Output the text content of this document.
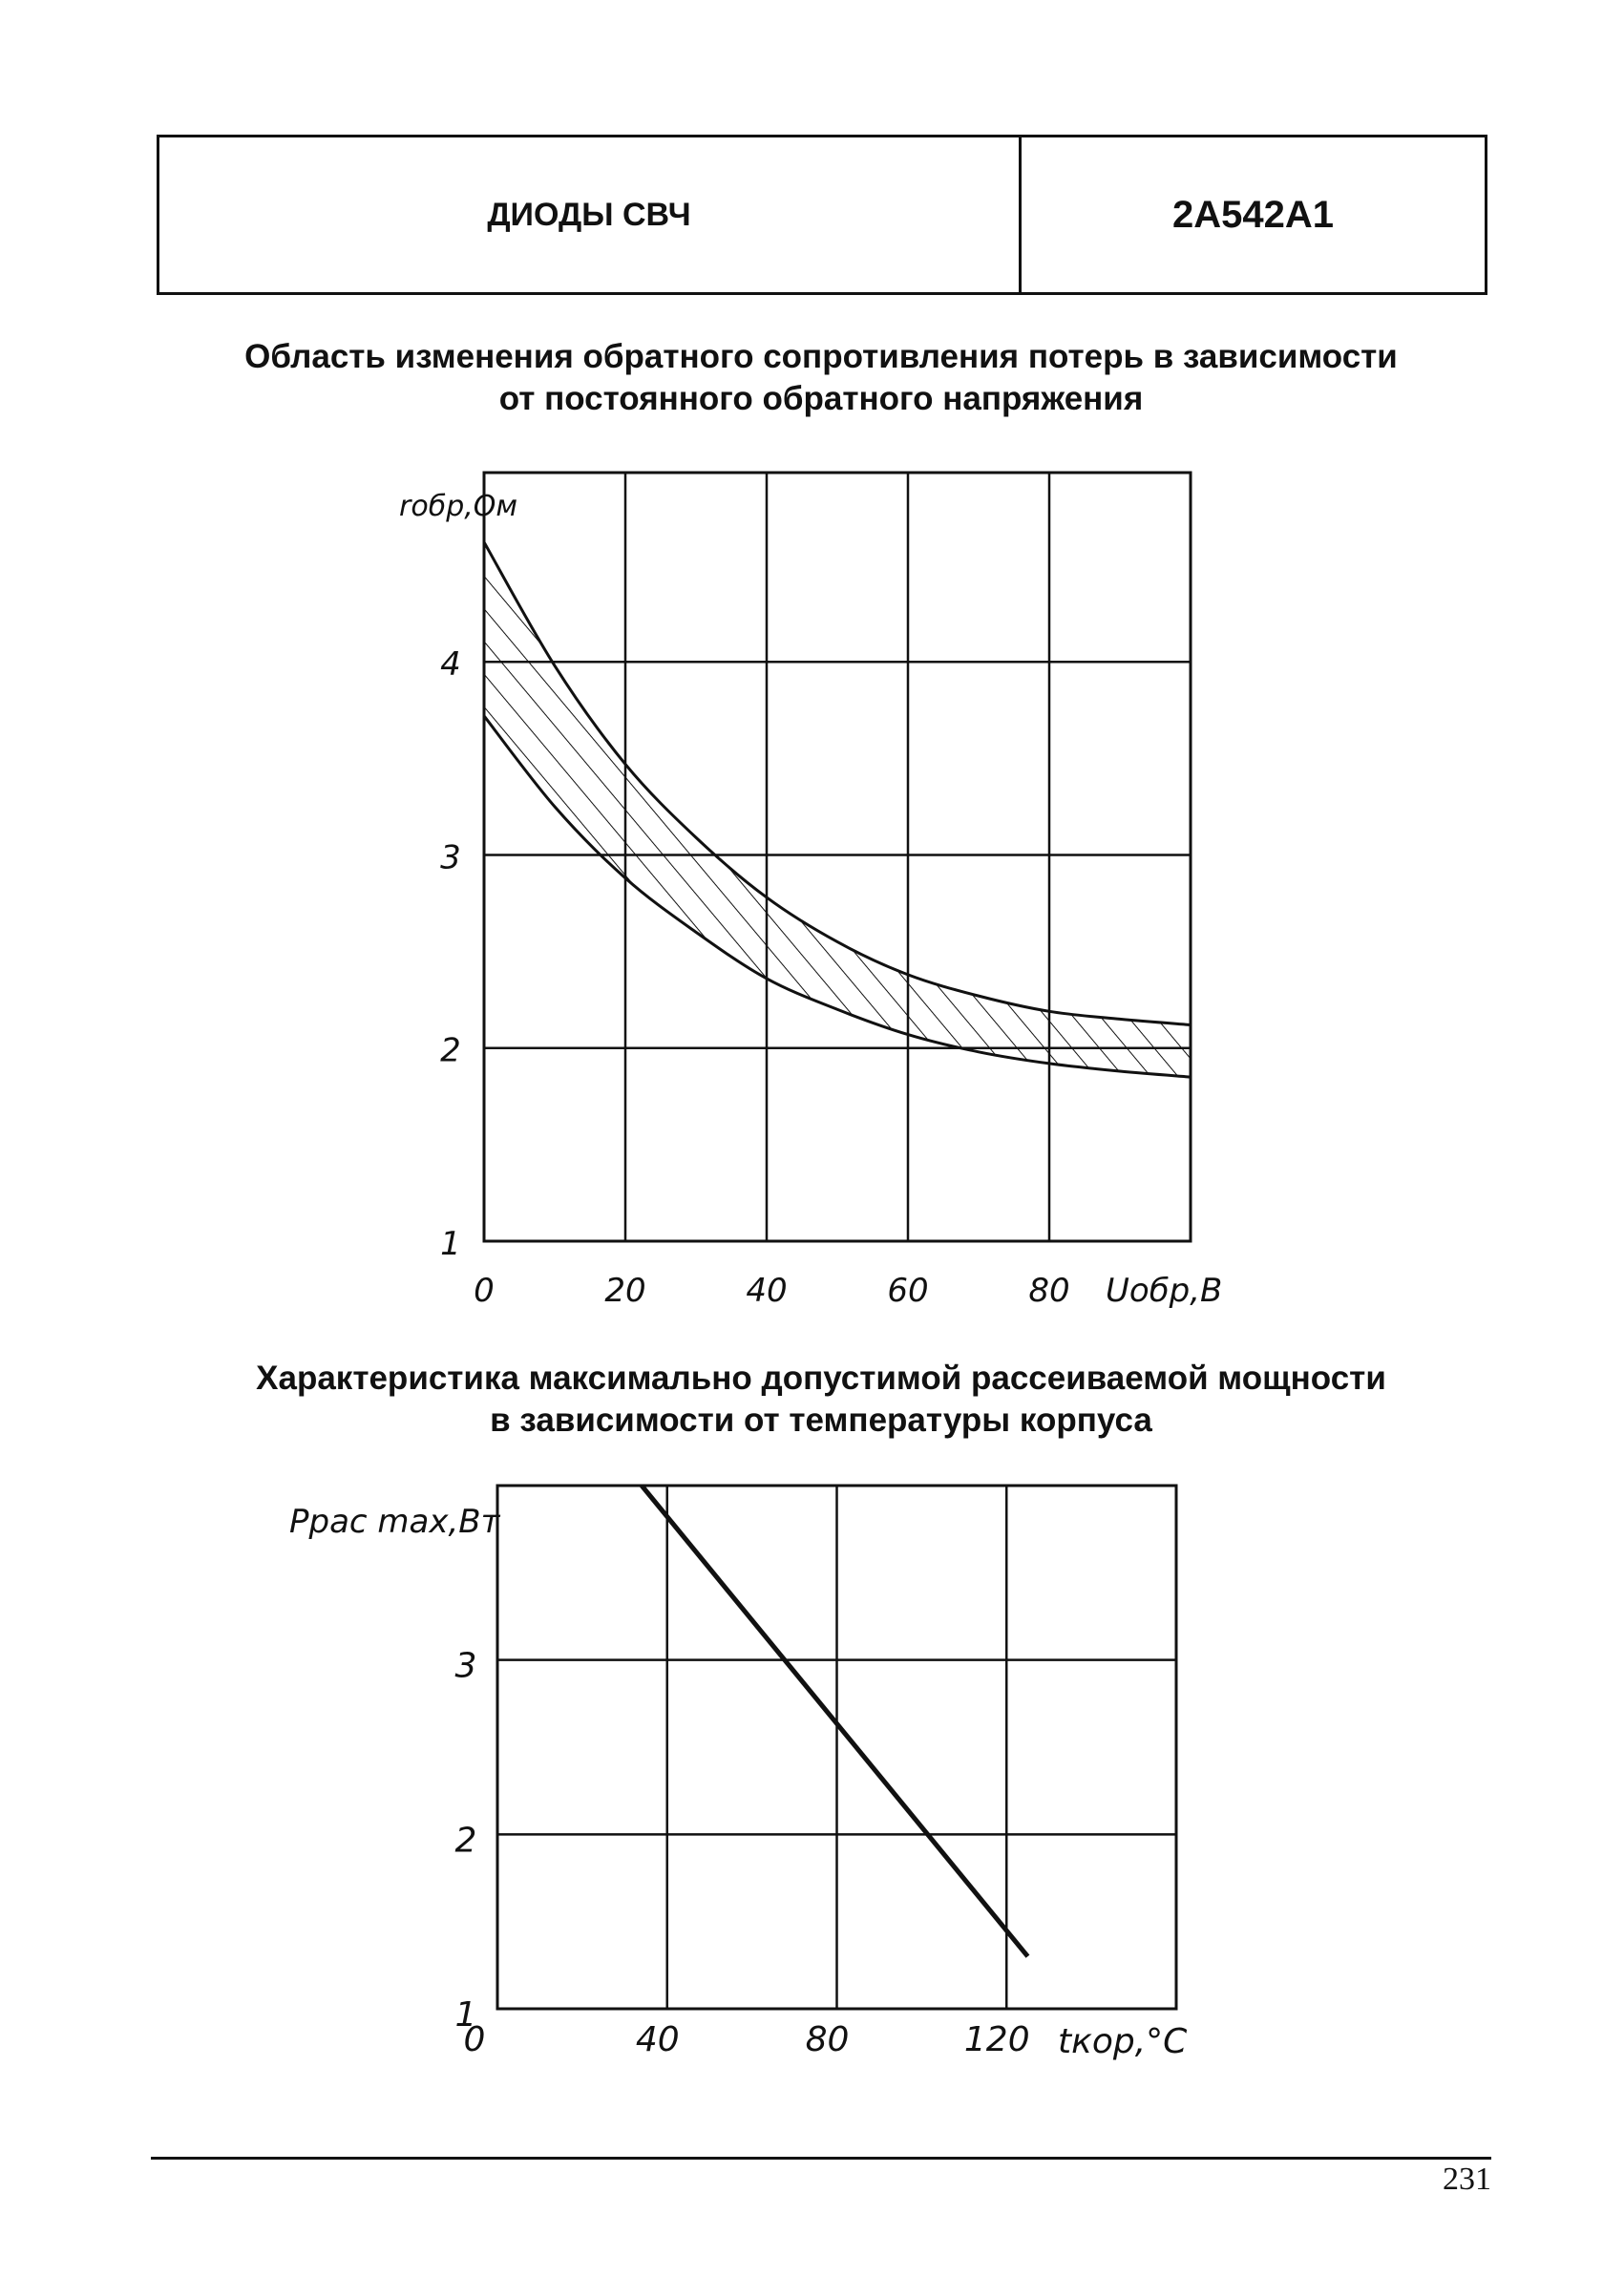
ДИОДЫ СВЧ	2А542А1
Область изменения обратного сопротивления потерь в зависимости
от постоянного обратного напряжения
Характеристика максимально допустимой рассеиваемой мощности
в зависимости от температуры корпуса
0	20	40	60	80 Uобр,В
1
2
3
4
rобр,Ом
0	40	80	120 tкор,°C
1
2
3
Pрас max,Вт
231
